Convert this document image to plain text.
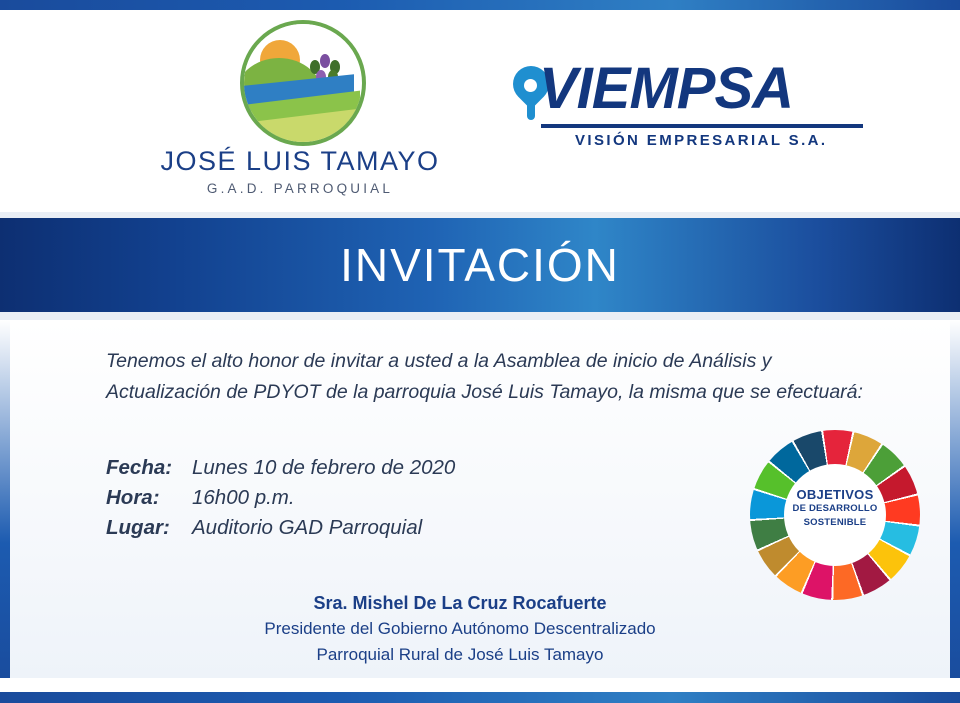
JOSÉ LUIS TAMAYO
G.A.D. PARROQUIAL
VIEMPSA
VISIÓN EMPRESARIAL S.A.
INVITACIÓN
Tenemos el alto honor de invitar a usted a la Asamblea de inicio de Análisis y Actualización de PDYOT de la parroquia José Luis Tamayo, la misma que se efectuará:
Fecha: Lunes 10 de febrero de 2020
Hora:	16h00 p.m.
Lugar:	Auditorio GAD Parroquial
OBJETIVOS
DE DESARROLLO
SOSTENIBLE
Sra. Mishel De La Cruz Rocafuerte
Presidente del Gobierno Autónomo Descentralizado
Parroquial Rural de José Luis Tamayo
